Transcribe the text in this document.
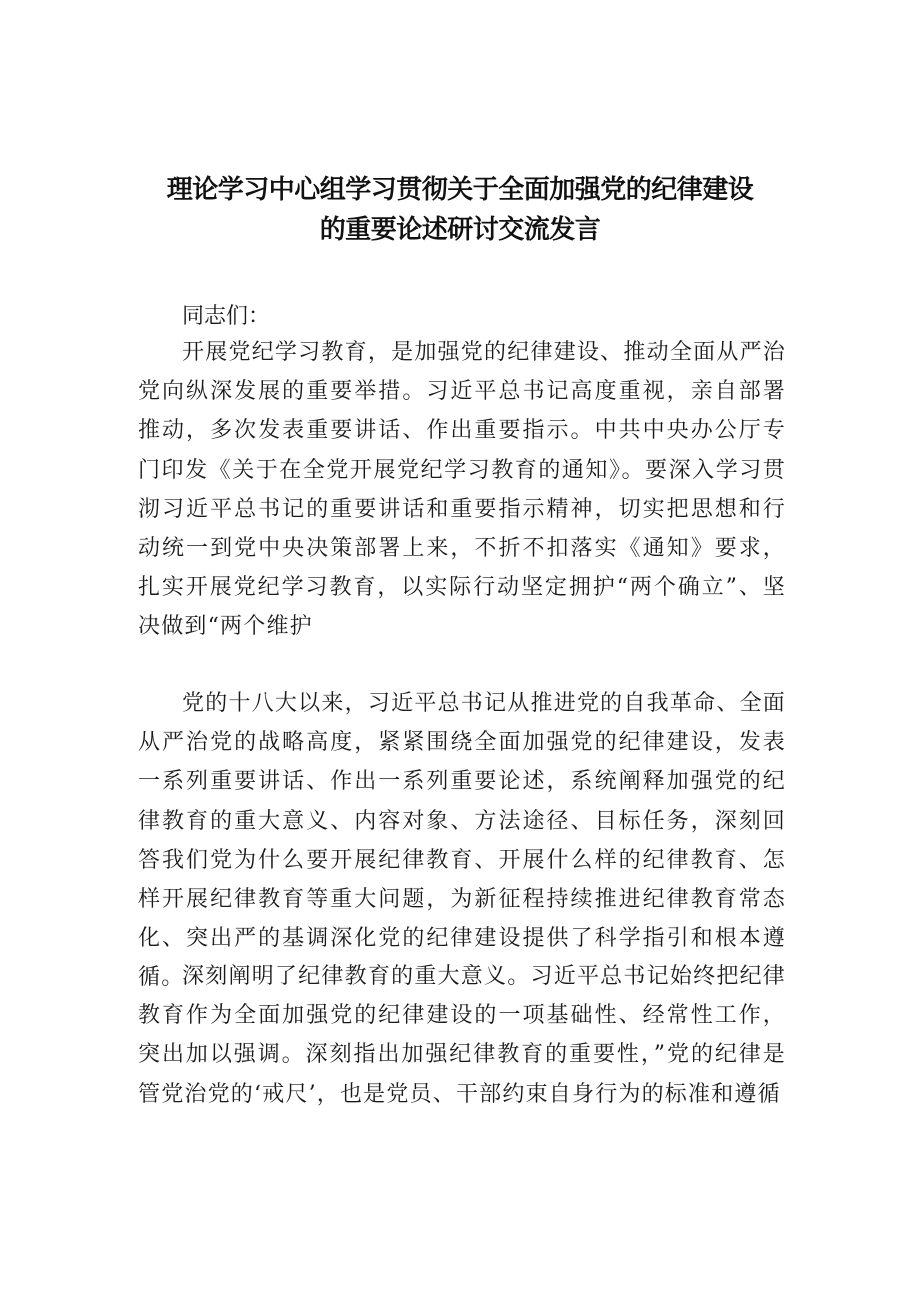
理论学习中心组学习贯彻关于全面加强党的纪律建设
的重要论述研讨交流发言
同志们：

开展党纪学习教育，是加强党的纪律建设、推动全面从严治党向纵深发展的重要举措。习近平总书记高度重视，亲自部署推动，多次发表重要讲话、作出重要指示。中共中央办公厅专门印发《关于在全党开展党纪学习教育的通知》。要深入学习贯沏习近平总书记的重要讲话和重要指示精神，切实把思想和行动统一到党中央决策部署上来，不折不扣落实《通知》要求，扎实开展党纪学习教育，以实际行动坚定拥护“两个确立”、坚决做到“两个维护

党的十八大以来，习近平总书记从推进党的自我革命、全面从严治党的战略高度，紧紧围绕全面加强党的纪律建设，发表一系列重要讲话、作出一系列重要论述，系统阐释加强党的纪律教育的重大意义、内容对象、方法途径、目标任务，深刻回答我们党为什么要开展纪律教育、开展什么样的纪律教育、怎样开展纪律教育等重大问题，为新征程持续推进纪律教育常态化、突出严的基调深化党的纪律建设提供了科学指引和根本遵循。

深刻阐明了纪律教育的重大意义。习近平总书记始终把纪律教育作为全面加强党的纪律建设的一项基础性、经常性工作，突出加以强调。深刻指出加强纪律教育的重要性，”党的纪律是管党治党的‘戒尺’，也是党员、干部约束自身行为的标准和遵循
